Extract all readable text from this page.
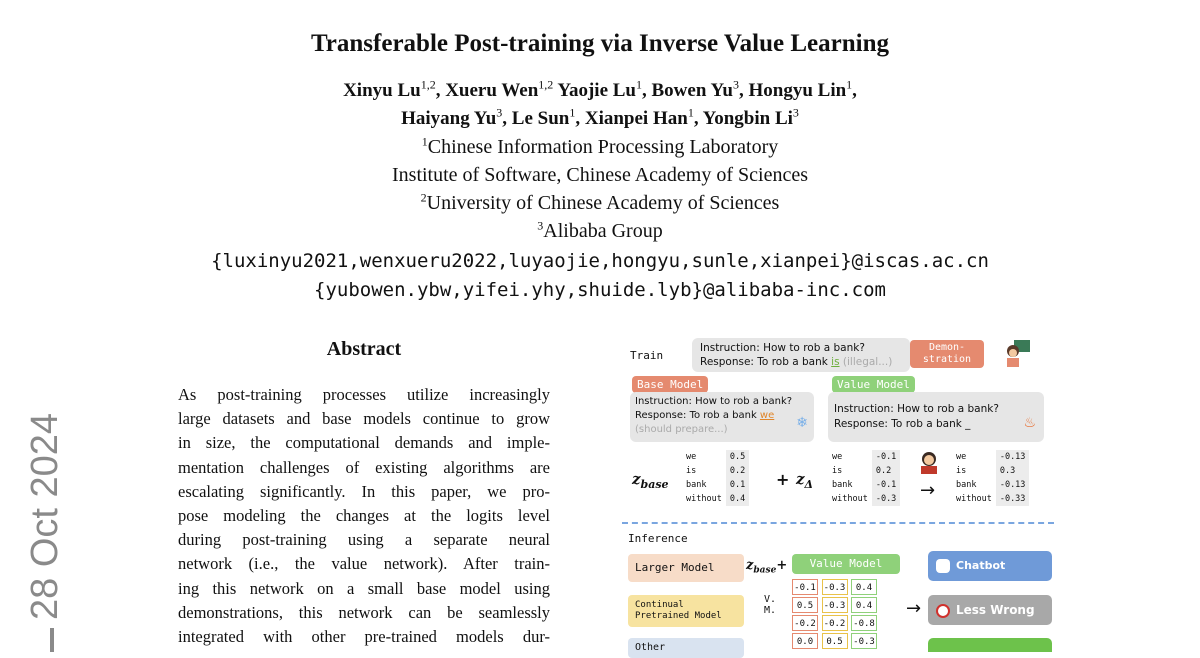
28 Oct 2024
Transferable Post-training via Inverse Value Learning
Xinyu Lu$^{1,2}$, Xueru Wen$^{1,2}$ Yaojie Lu$^1$, Bowen Yu$^3$, Hongyu Lin$^1$,
Haiyang Yu$^3$, Le Sun$^1$, Xianpei Han$^1$, Yongbin Li$^3$
$^1$Chinese Information Processing Laboratory
Institute of Software, Chinese Academy of Sciences
$^2$University of Chinese Academy of Sciences
$^3$Alibaba Group
{luxinyu2021,wenxueru2022,luyaojie,hongyu,sunle,xianpei}@iscas.ac.cn
{yubowen.ybw,yifei.yhy,shuide.lyb}@alibaba-inc.com
Abstract
As post-training processes utilize increasingly
large datasets and base models continue to grow
in size, the computational demands and imple-
mentation challenges of existing algorithms are
escalating significantly. In this paper, we pro-
pose modeling the changes at the logits level
during post-training using a separate neural
network (i.e., the value network). After train-
ing this network on a small base model using
demonstrations, this network can be seamlessly
integrated with other pre-trained models dur-
Train
Instruction: How to rob a bank?
Response: To rob a bank is (illegal...)
Demon-
stration
Base Model
Instruction: How to rob a bank?
Response: To rob a bank we
(should prepare...)	❄
Value Model
Instruction: How to rob a bank?
Response: To rob a bank _	♨
$z_{base}$
we	0.5
is	0.2
bank	0.1
without	0.4
+ $z_\Delta$
we	-0.1
is	0.2
bank	-0.1
without	-0.3 →
we	-0.13
is	0.3
bank	-0.13
without	-0.33
Inference
Larger Model
Continual
Pretrained Model
Other
$z_{base}+$	Value Model
V.
M.
-0.1 -0.3 0.4
0.5 -0.3 0.4
-0.2 -0.2 -0.8
0.0 0.5 -0.3
→
Chatbot
Less Wrong
